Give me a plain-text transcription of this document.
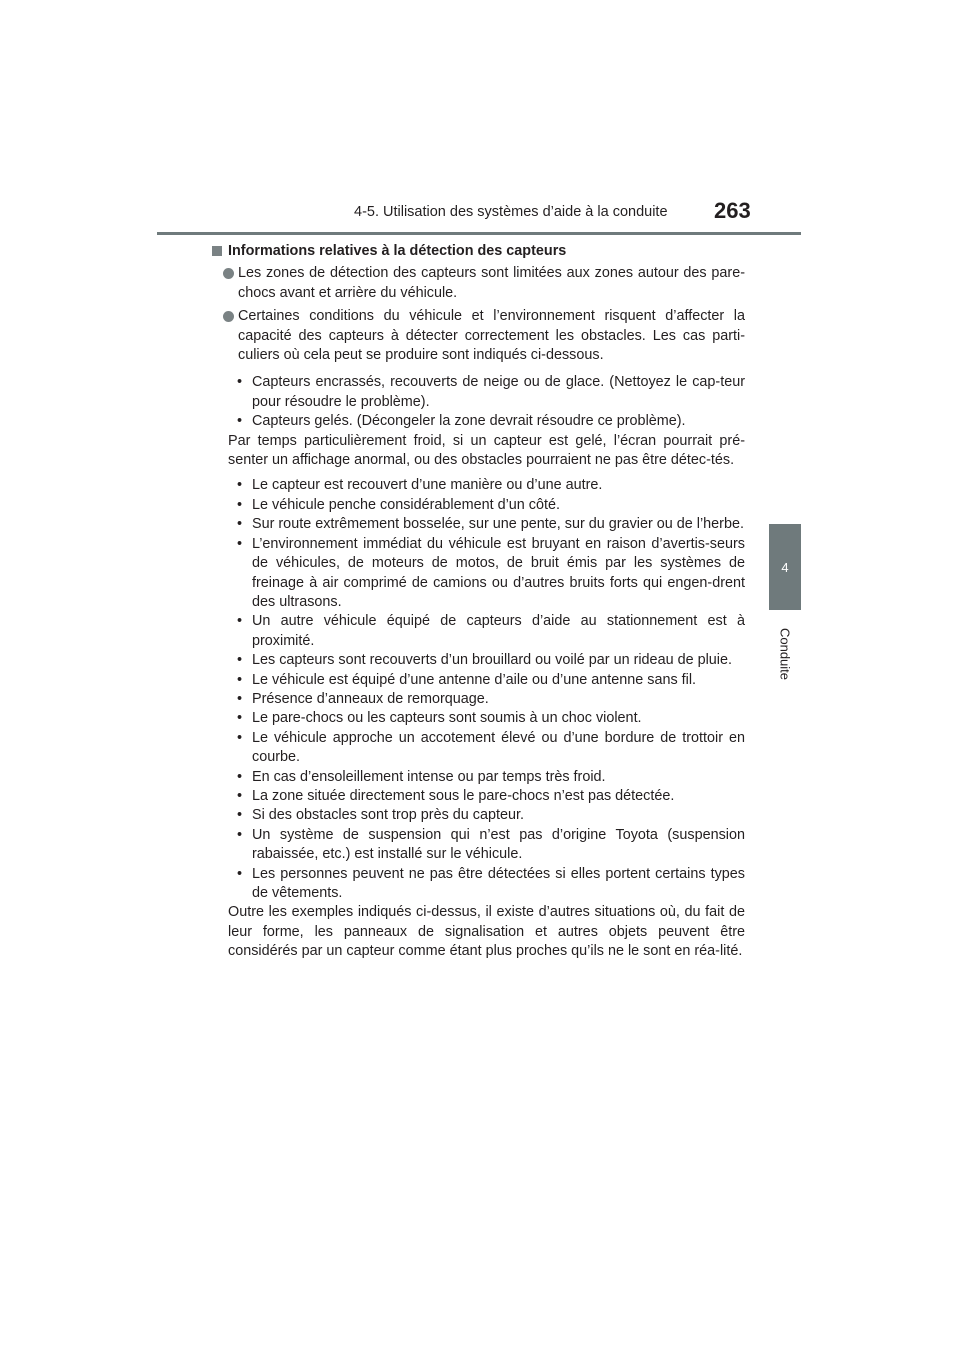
4-5. Utilisation des systèmes d’aide à la conduite 263
4
Conduite
Informations relatives à la détection des capteurs
Les zones de détection des capteurs sont limitées aux zones autour des pare-chocs avant et arrière du véhicule.
Certaines conditions du véhicule et l’environnement risquent d’affecter la capacité des capteurs à détecter correctement les obstacles. Les cas parti-culiers où cela peut se produire sont indiqués ci-dessous.
• Capteurs encrassés, recouverts de neige ou de glace. (Nettoyez le cap-teur pour résoudre le problème).
• Capteurs gelés. (Décongeler la zone devrait résoudre ce problème).
Par temps particulièrement froid, si un capteur est gelé, l’écran pourrait pré-senter un affichage anormal, ou des obstacles pourraient ne pas être détec-tés.
• Le capteur est recouvert d’une manière ou d’une autre.
• Le véhicule penche considérablement d’un côté.
• Sur route extrêmement bosselée, sur une pente, sur du gravier ou de l’herbe.
• L’environnement immédiat du véhicule est bruyant en raison d’avertis-seurs de véhicules, de moteurs de motos, de bruit émis par les systèmes de freinage à air comprimé de camions ou d’autres bruits forts qui engen-drent des ultrasons.
• Un autre véhicule équipé de capteurs d’aide au stationnement est à proximité.
• Les capteurs sont recouverts d’un brouillard ou voilé par un rideau de pluie.
• Le véhicule est équipé d’une antenne d’aile ou d’une antenne sans fil.
• Présence d’anneaux de remorquage.
• Le pare-chocs ou les capteurs sont soumis à un choc violent.
• Le véhicule approche un accotement élevé ou d’une bordure de trottoir en courbe.
• En cas d’ensoleillement intense ou par temps très froid.
• La zone située directement sous le pare-chocs n’est pas détectée.
• Si des obstacles sont trop près du capteur.
• Un système de suspension qui n’est pas d’origine Toyota (suspension rabaissée, etc.) est installé sur le véhicule.
• Les personnes peuvent ne pas être détectées si elles portent certains types de vêtements.
Outre les exemples indiqués ci-dessus, il existe d’autres situations où, du fait de leur forme, les panneaux de signalisation et autres objets peuvent être considérés par un capteur comme étant plus proches qu’ils ne le sont en réa-lité.
